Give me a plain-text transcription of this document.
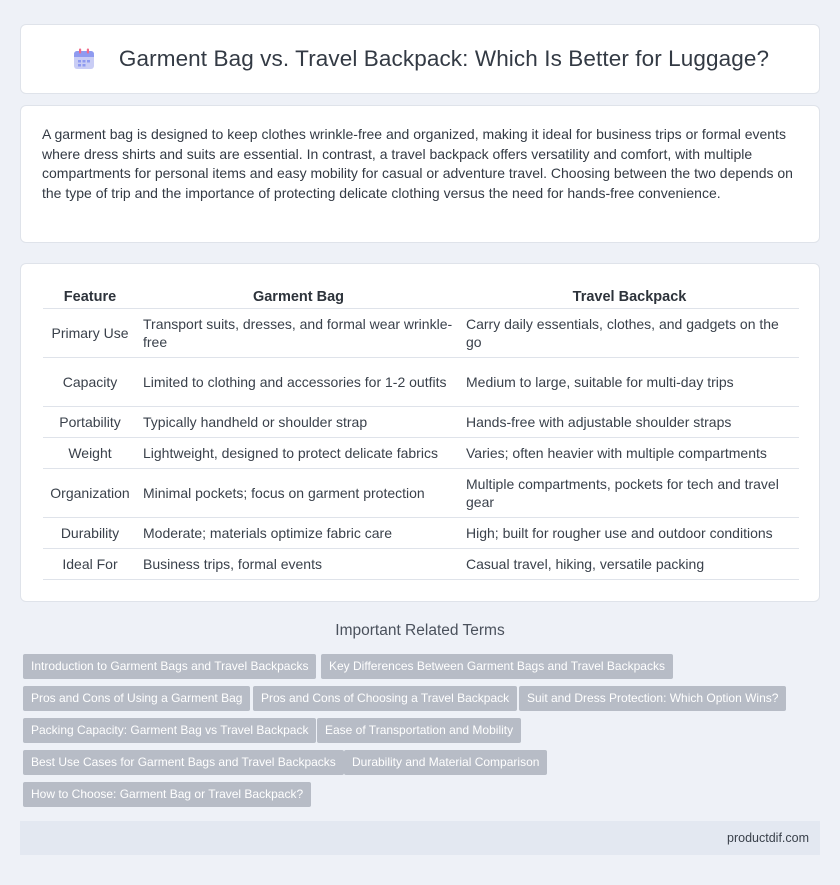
Garment Bag vs. Travel Backpack: Which Is Better for Luggage?

A garment bag is designed to keep clothes wrinkle-free and organized, making it ideal for business trips or formal events where dress shirts and suits are essential. In contrast, a travel backpack offers versatility and comfort, with multiple compartments for personal items and easy mobility for casual or adventure travel. Choosing between the two depends on the type of trip and the importance of protecting delicate clothing versus the need for hands-free convenience.

Feature	Garment Bag	Travel Backpack
Primary Use	Transport suits, dresses, and formal wear wrinkle-free	Carry daily essentials, clothes, and gadgets on the go
Capacity	Limited to clothing and accessories for 1-2 outfits	Medium to large, suitable for multi-day trips
Portability	Typically handheld or shoulder strap	Hands-free with adjustable shoulder straps
Weight	Lightweight, designed to protect delicate fabrics	Varies; often heavier with multiple compartments
Organization	Minimal pockets; focus on garment protection	Multiple compartments, pockets for tech and travel gear
Durability	Moderate; materials optimize fabric care	High; built for rougher use and outdoor conditions
Ideal For	Business trips, formal events	Casual travel, hiking, versatile packing
Important Related Terms
Introduction to Garment Bags and Travel Backpacks	Key Differences Between Garment Bags and Travel Backpacks
Pros and Cons of Using a Garment Bag	Pros and Cons of Choosing a Travel Backpack	Suit and Dress Protection: Which Option Wins?
Packing Capacity: Garment Bag vs Travel Backpack	Ease of Transportation and Mobility
Best Use Cases for Garment Bags and Travel Backpacks	Durability and Material Comparison
How to Choose: Garment Bag or Travel Backpack?
productdif.com
